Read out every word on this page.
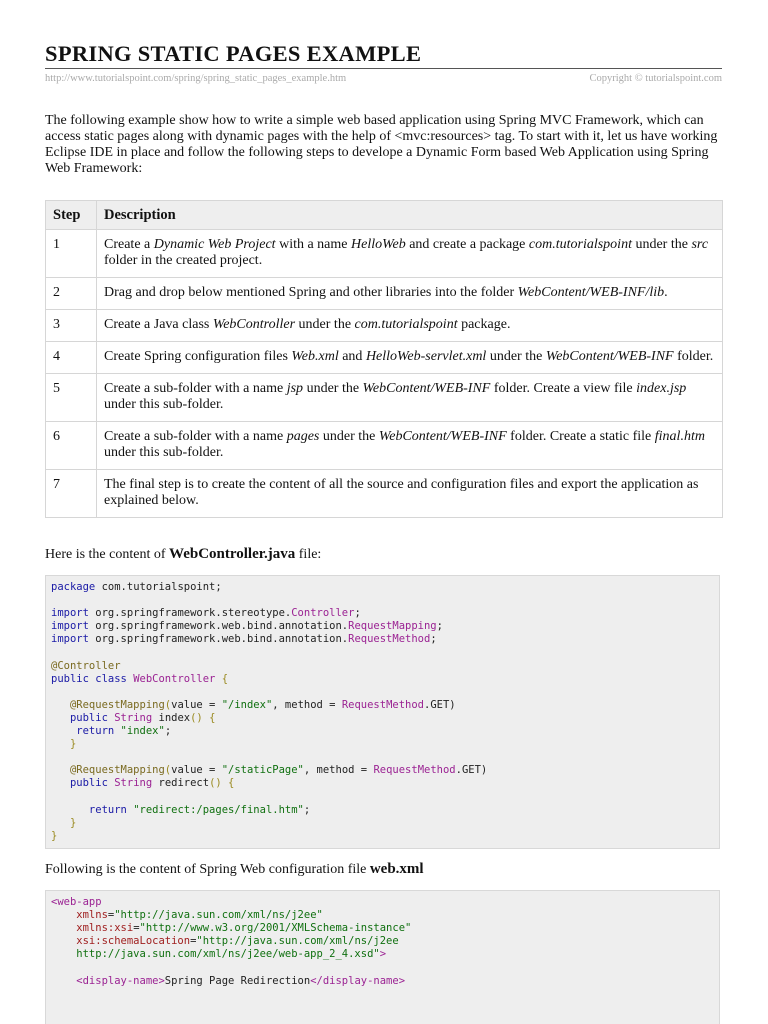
SPRING STATIC PAGES EXAMPLE
http://www.tutorialspoint.com/spring/spring_static_pages_example.htm	Copyright © tutorialspoint.com

The following example show how to write a simple web based application using Spring MVC Framework, which can access static pages along with dynamic pages with the help of <mvc:resources> tag. To start with it, let us have working Eclipse IDE in place and follow the following steps to develope a Dynamic Form based Web Application using Spring Web Framework:

Step	Description
1	Create a Dynamic Web Project with a name HelloWeb and create a package com.tutorialspoint under the src folder in the created project.
2	Drag and drop below mentioned Spring and other libraries into the folder WebContent/WEB-INF/lib.
3	Create a Java class WebController under the com.tutorialspoint package.
4	Create Spring configuration files Web.xml and HelloWeb-servlet.xml under the WebContent/WEB-INF folder.
5	Create a sub-folder with a name jsp under the WebContent/WEB-INF folder. Create a view file index.jsp under this sub-folder.
6	Create a sub-folder with a name pages under the WebContent/WEB-INF folder. Create a static file final.htm under this sub-folder.
7	The final step is to create the content of all the source and configuration files and export the application as explained below.
Here is the content of WebController.java file:
package com.tutorialspoint;
import org.springframework.stereotype.Controller;
import org.springframework.web.bind.annotation.RequestMapping;
import org.springframework.web.bind.annotation.RequestMethod;
@Controller
public class WebController {
@RequestMapping(value = "/index", method = RequestMethod.GET)
public String index() {
return "index";
}
@RequestMapping(value = "/staticPage", method = RequestMethod.GET)
public String redirect() {
return "redirect:/pages/final.htm";
}
}
Following is the content of Spring Web configuration file web.xml
<web-app
xmlns="http://java.sun.com/xml/ns/j2ee"
xmlns:xsi="http://www.w3.org/2001/XMLSchema-instance"
xsi:schemaLocation="http://java.sun.com/xml/ns/j2ee
http://java.sun.com/xml/ns/j2ee/web-app_2_4.xsd">
<display-name>Spring Page Redirection</display-name>
